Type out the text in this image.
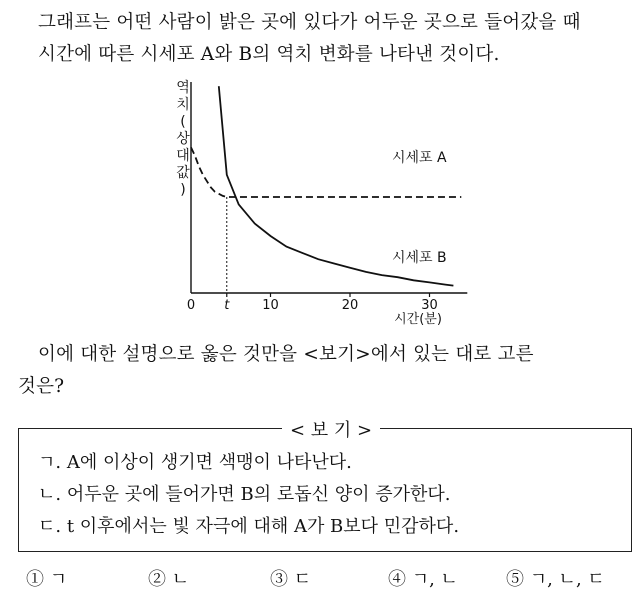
그래프는 어떤 사람이 밝은 곳에 있다가 어두운 곳으로 들어갔을 때
시간에 따른 시세포 A와 B의 역치 변화를 나타낸 것이다.
0 t	10	20	30
시세포 A
시세포 B
역
치
(
상
대
값
)
시간(분)
이에 대한 설명으로 옳은 것만을 <보기>에서 있는 대로 고른
것은?
< 보 기 >
ㄱ. A에 이상이 생기면 색맹이 나타난다.
ㄴ. 어두운 곳에 들어가면 B의 로돕신 양이 증가한다.
ㄷ. t 이후에서는 빛 자극에 대해 A가 B보다 민감하다.
① ㄱ	② ㄴ	③ ㄷ	④ ㄱ, ㄴ	⑤ ㄱ, ㄴ, ㄷ
